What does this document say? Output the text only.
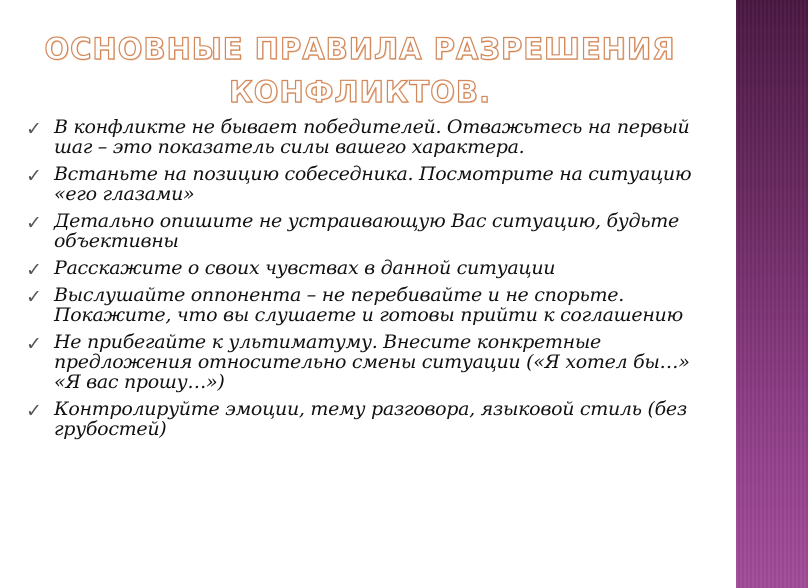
ОСНОВНЫЕ ПРАВИЛА РАЗРЕШЕНИЯ КОНФЛИКТОВ.
✓ В конфликте не бывает победителей. Отважьтесь на первый шаг – это показатель силы вашего характера.
✓ Встаньте на позицию собеседника. Посмотрите на ситуацию «его глазами»
✓ Детально опишите не устраивающую Вас ситуацию, будьте объективны
✓ Расскажите о своих чувствах в данной ситуации
✓ Выслушайте оппонента – не перебивайте и не спорьте. Покажите, что вы слушаете и готовы прийти к соглашению
✓ Не прибегайте к ультиматуму. Внесите конкретные предложения относительно смены ситуации («Я хотел бы…» «Я вас прошу…»)
✓ Контролируйте эмоции, тему разговора, языковой стиль (без грубостей)
